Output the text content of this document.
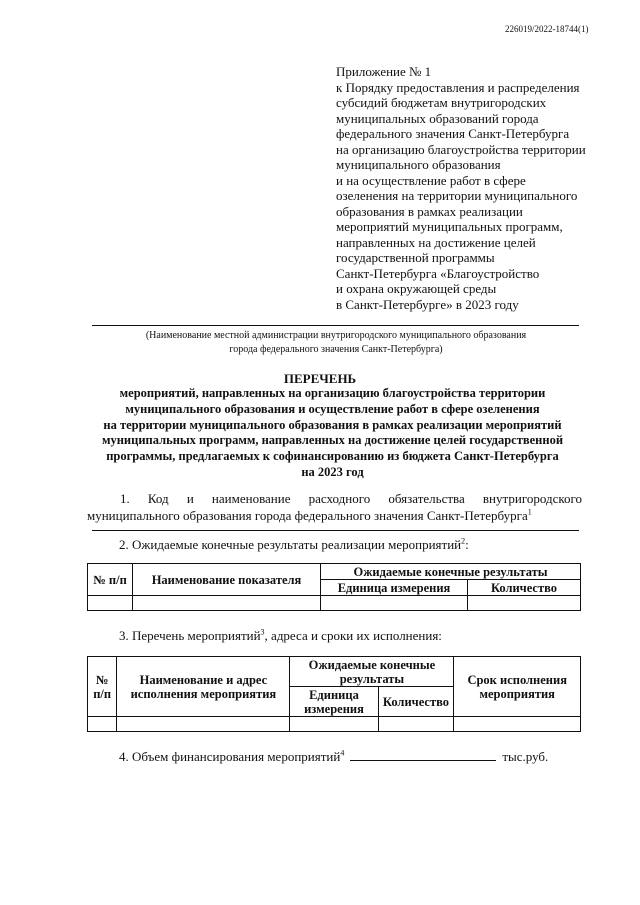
226019/2022-18744(1)
Приложение № 1
к Порядку предоставления и распределения
субсидий бюджетам внутригородских
муниципальных образований города
федерального значения Санкт-Петербурга
на организацию благоустройства территории
муниципального образования
и на осуществление работ в сфере
озеленения на территории муниципального
образования в рамках реализации
мероприятий муниципальных программ,
направленных на достижение целей
государственной программы
Санкт-Петербурга «Благоустройство
и охрана окружающей среды
в Санкт-Петербурге» в 2023 году
(Наименование местной администрации внутригородского муниципального образования
города федерального значения Санкт-Петербурга)
ПЕРЕЧЕНЬ
мероприятий, направленных на организацию благоустройства территории
муниципального образования и осуществление работ в сфере озеленения
на территории муниципального образования в рамках реализации мероприятий
муниципальных программ, направленных на достижение целей государственной
программы, предлагаемых к софинансированию из бюджета Санкт-Петербурга
на 2023 год
1. Код и наименование расходного обязательства внутригородского
муниципального образования города федерального значения Санкт-Петербурга$^1$
2. Ожидаемые конечные результаты реализации мероприятий$^2$:
№ п/п	Наименование показателя	Ожидаемые конечные результаты	
		Единица измерения	Количество

3. Перечень мероприятий$^3$, адреса и сроки их исполнения:
№ п/п	Наименование и адрес исполнения мероприятия	Ожидаемые конечные результаты		Срок исполнения мероприятия
		Единица измерения	Количество	

4. Объем финансирования мероприятий$^4$	тыс.руб.
